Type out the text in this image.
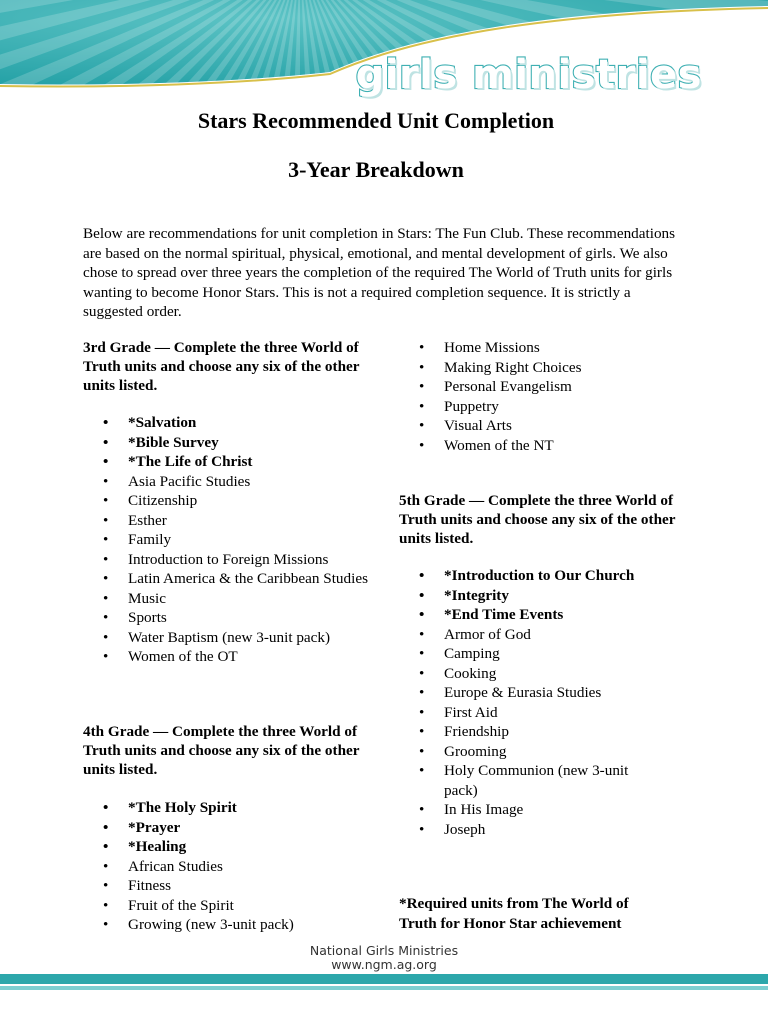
girls ministries
Stars Recommended Unit Completion
3-Year Breakdown
Below are recommendations for unit completion in Stars: The Fun Club. These recommendations are based on the normal spiritual, physical, emotional, and mental development of girls. We also chose to spread over three years the completion of the required The World of Truth units for girls wanting to become Honor Stars. This is not a required completion sequence. It is strictly a suggested order.
3rd Grade — Complete the three World of Truth units and choose any six of the other units listed.
• *Salvation
• *Bible Survey
• *The Life of Christ
• Asia Pacific Studies
• Citizenship
• Esther
• Family
• Introduction to Foreign Missions
• Latin America & the Caribbean Studies
• Music
• Sports
• Water Baptism (new 3-unit pack)
• Women of the OT
4th Grade — Complete the three World of Truth units and choose any six of the other units listed.
• *The Holy Spirit
• *Prayer
• *Healing
• African Studies
• Fitness
• Fruit of the Spirit
• Growing (new 3-unit pack)
• Home Missions
• Making Right Choices
• Personal Evangelism
• Puppetry
• Visual Arts
• Women of the NT
5th Grade — Complete the three World of Truth units and choose any six of the other units listed.
• *Introduction to Our Church
• *Integrity
• *End Time Events
• Armor of God
• Camping
• Cooking
• Europe & Eurasia Studies
• First Aid
• Friendship
• Grooming
• Holy Communion (new 3-unit pack)
• In His Image
• Joseph
*Required units from The World of Truth for Honor Star achievement
National Girls Ministries
www.ngm.ag.org
